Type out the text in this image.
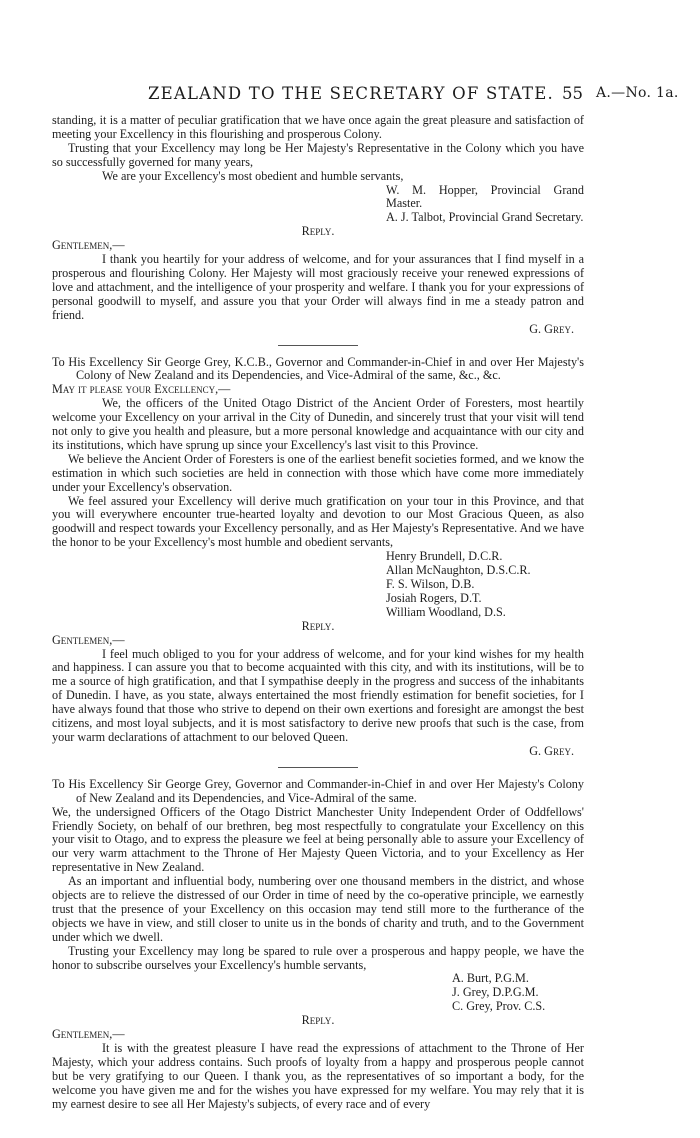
ZEALAND TO THE SECRETARY OF STATE. 55 A.—No. 1a.

standing, it is a matter of peculiar gratification that we have once again the great pleasure and satisfaction of meeting your Excellency in this flourishing and prosperous Colony.

Trusting that your Excellency may long be Her Majesty's Representative in the Colony which you have so successfully governed for many years,

We are your Excellency's most obedient and humble servants,

W. M. Hopper, Provincial Grand Master.

A. J. Talbot, Provincial Grand Secretary.

Reply.

Gentlemen,—

I thank you heartily for your address of welcome, and for your assurances that I find myself in a prosperous and flourishing Colony. Her Majesty will most graciously receive your renewed expressions of love and attachment, and the intelligence of your prosperity and welfare. I thank you for your expressions of personal goodwill to myself, and assure you that your Order will always find in me a steady patron and friend.

G. Grey.

To His Excellency Sir George Grey, K.C.B., Governor and Commander-in-Chief in and over Her Majesty's Colony of New Zealand and its Dependencies, and Vice-Admiral of the same, &c., &c.

May it please your Excellency,—

We, the officers of the United Otago District of the Ancient Order of Foresters, most heartily welcome your Excellency on your arrival in the City of Dunedin, and sincerely trust that your visit will tend not only to give you health and pleasure, but a more personal knowledge and acquaintance with our city and its institutions, which have sprung up since your Excellency's last visit to this Province.

We believe the Ancient Order of Foresters is one of the earliest benefit societies formed, and we know the estimation in which such societies are held in connection with those which have come more immediately under your Excellency's observation.

We feel assured your Excellency will derive much gratification on your tour in this Province, and that you will everywhere encounter true-hearted loyalty and devotion to our Most Gracious Queen, as also goodwill and respect towards your Excellency personally, and as Her Majesty's Representative. And we have the honor to be your Excellency's most humble and obedient servants,

Henry Brundell, D.C.R.

Allan McNaughton, D.S.C.R.

F. S. Wilson, D.B.

Josiah Rogers, D.T.

William Woodland, D.S.

Reply.

Gentlemen,—

I feel much obliged to you for your address of welcome, and for your kind wishes for my health and happiness. I can assure you that to become acquainted with this city, and with its institutions, will be to me a source of high gratification, and that I sympathise deeply in the progress and success of the inhabitants of Dunedin. I have, as you state, always entertained the most friendly estimation for benefit societies, for I have always found that those who strive to depend on their own exertions and foresight are amongst the best citizens, and most loyal subjects, and it is most satisfactory to derive new proofs that such is the case, from your warm declarations of attachment to our beloved Queen.

G. Grey.

To His Excellency Sir George Grey, Governor and Commander-in-Chief in and over Her Majesty's Colony of New Zealand and its Dependencies, and Vice-Admiral of the same.

We, the undersigned Officers of the Otago District Manchester Unity Independent Order of Oddfellows' Friendly Society, on behalf of our brethren, beg most respectfully to congratulate your Excellency on this your visit to Otago, and to express the pleasure we feel at being personally able to assure your Excellency of our very warm attachment to the Throne of Her Majesty Queen Victoria, and to your Excellency as Her representative in New Zealand.

As an important and influential body, numbering over one thousand members in the district, and whose objects are to relieve the distressed of our Order in time of need by the co-operative principle, we earnestly trust that the presence of your Excellency on this occasion may tend still more to the furtherance of the objects we have in view, and still closer to unite us in the bonds of charity and truth, and to the Government under which we dwell.

Trusting your Excellency may long be spared to rule over a prosperous and happy people, we have the honor to subscribe ourselves your Excellency's humble servants,

A. Burt, P.G.M.

J. Grey, D.P.G.M.

C. Grey, Prov. C.S.

Reply.

Gentlemen,—

It is with the greatest pleasure I have read the expressions of attachment to the Throne of Her Majesty, which your address contains. Such proofs of loyalty from a happy and prosperous people cannot but be very gratifying to our Queen. I thank you, as the representatives of so important a body, for the welcome you have given me and for the wishes you have expressed for my welfare. You may rely that it is my earnest desire to see all Her Majesty's subjects, of every race and of every
